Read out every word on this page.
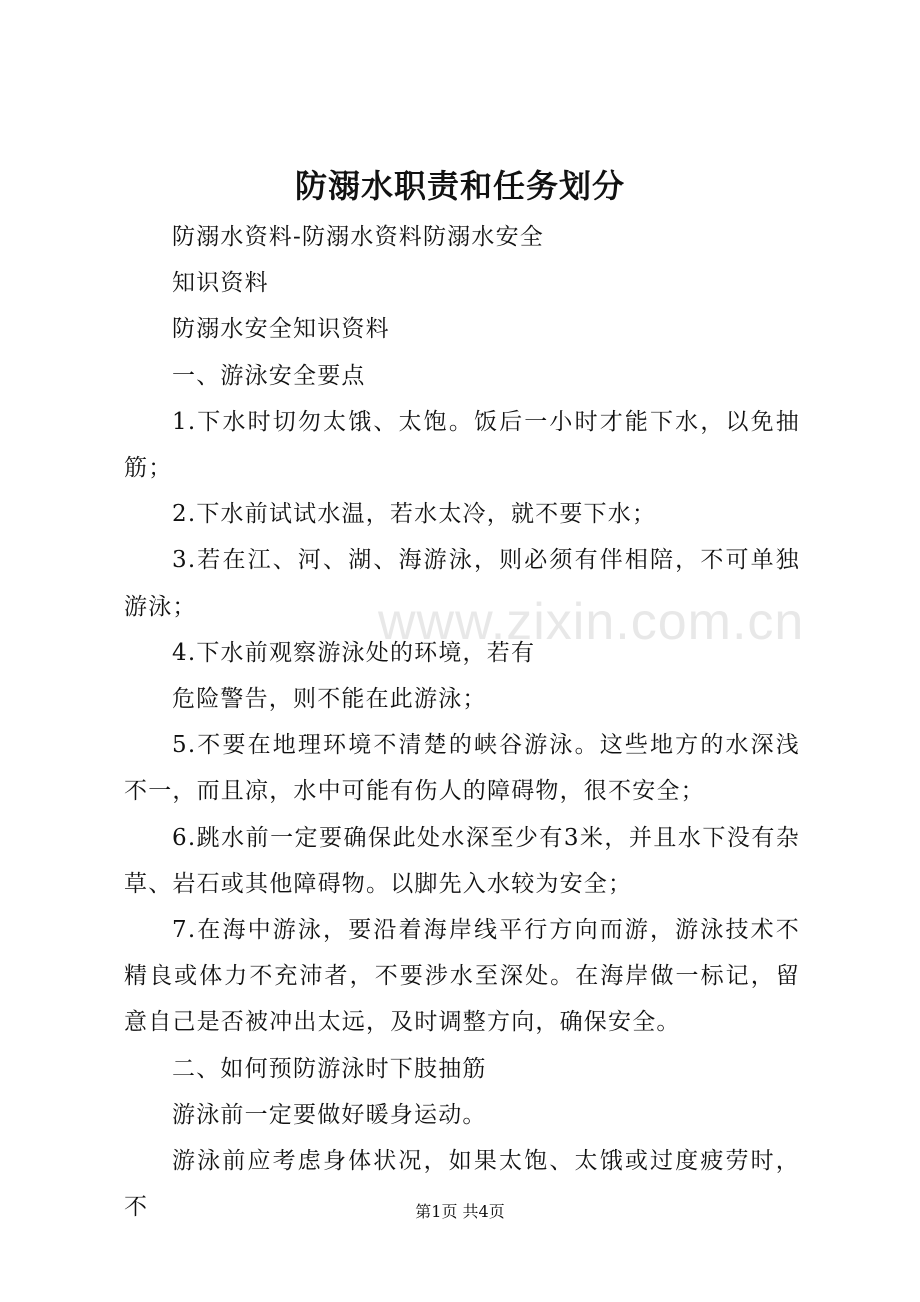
防溺水职责和任务划分

防溺水资料-防溺水资料防溺水安全

知识资料

防溺水安全知识资料

一、游泳安全要点

1.下水时切勿太饿、太饱。饭后一小时才能下水，以免抽筋；

2.下水前试试水温，若水太冷，就不要下水；

3.若在江、河、湖、海游泳，则必须有伴相陪，不可单独游泳；

4.下水前观察游泳处的环境，若有

危险警告，则不能在此游泳；

5.不要在地理环境不清楚的峡谷游泳。这些地方的水深浅不一，而且凉，水中可能有伤人的障碍物，很不安全；

6.跳水前一定要确保此处水深至少有3米，并且水下没有杂草、岩石或其他障碍物。以脚先入水较为安全；

7.在海中游泳，要沿着海岸线平行方向而游，游泳技术不精良或体力不充沛者，不要涉水至深处。在海岸做一标记，留意自己是否被冲出太远，及时调整方向，确保安全。

二、如何预防游泳时下肢抽筋

游泳前一定要做好暖身运动。

游泳前应考虑身体状况，如果太饱、太饿或过度疲劳时，不

www.zixin.com.cn
第1页 共4页
